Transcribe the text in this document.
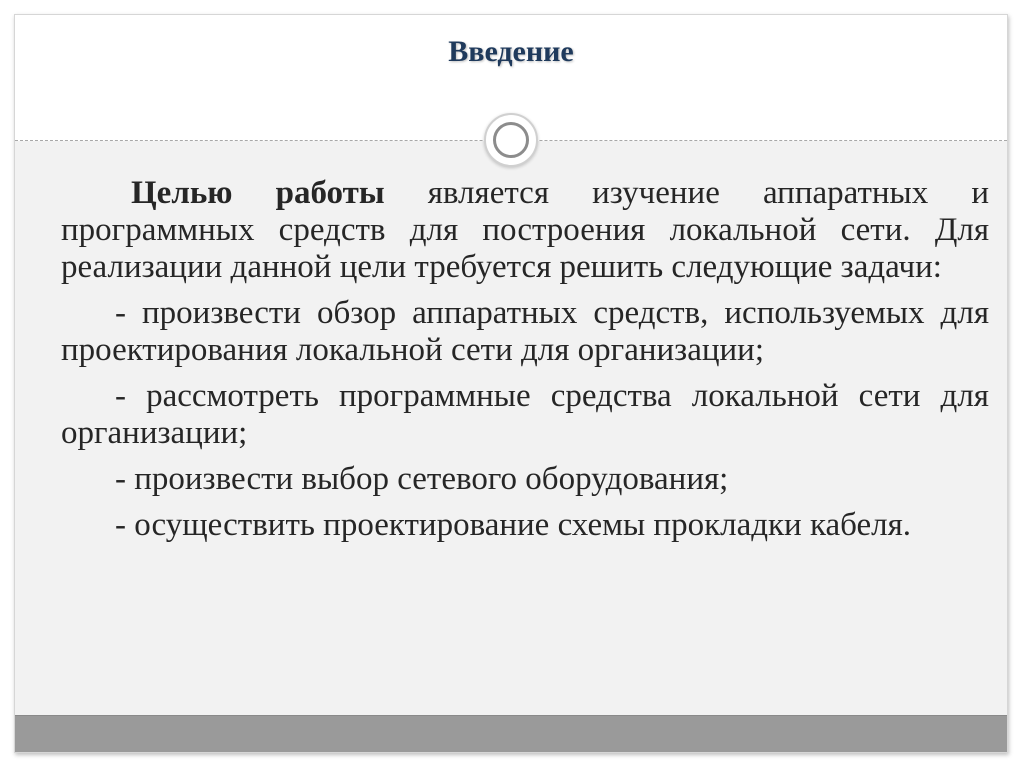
Введение

Целью работы является изучение аппаратных и программных средств для построения локальной сети. Для реализации данной цели требуется решить следующие задачи:

- произвести обзор аппаратных средств, используемых для проектирования локальной сети для организации;

- рассмотреть программные средства локальной сети для организации;

- произвести выбор сетевого оборудования;

- осуществить проектирование схемы прокладки кабеля.
